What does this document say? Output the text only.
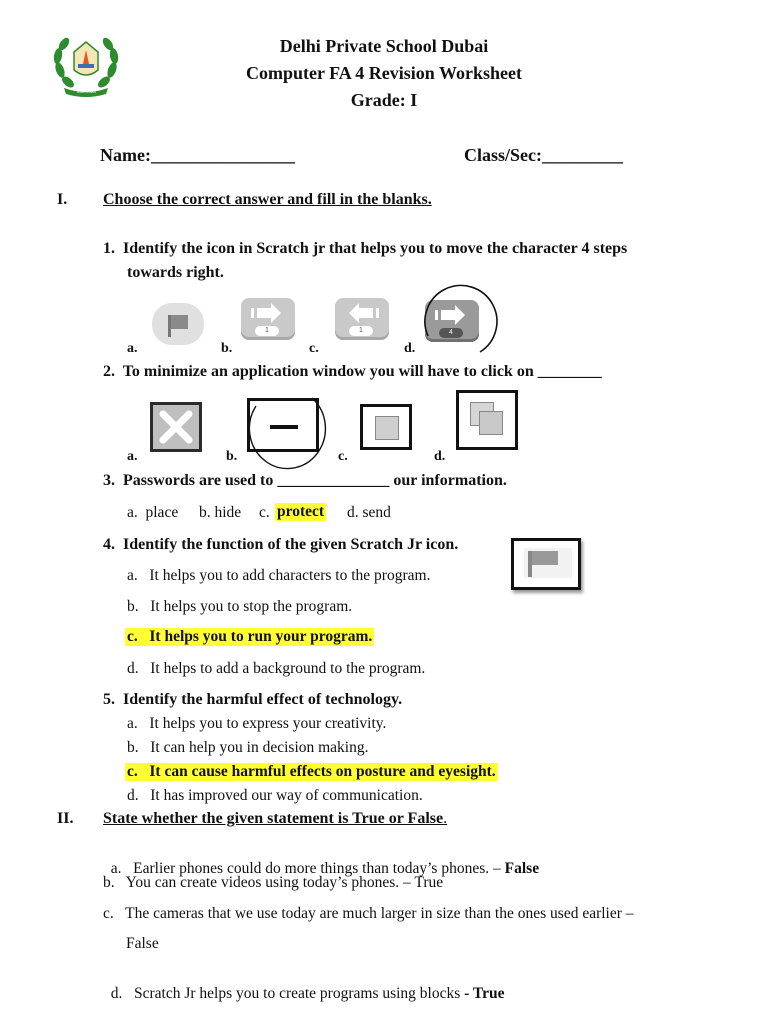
TAMSOMA
Delhi Private School Dubai
Computer FA 4 Revision Worksheet
Grade: I
Name:________________	Class/Sec:_________
I. Choose the correct answer and fill in the blanks.
1.  Identify the icon in Scratch jr that helps you to move the character 4 steps
towards right.
a.	b.
1
c.
1
d.
4
2.  To minimize an application window you will have to click on ________
a.	b.	c.	d.
3.  Passwords are used to ______________ our information.
a.  place b. hide c. protect d. send
4.  Identify the function of the given Scratch Jr icon.
a.   It helps you to add characters to the program.
b.   It helps you to stop the program.
c.   It helps you to run your program.
d.   It helps to add a background to the program.
5.  Identify the harmful effect of technology.
a.   It helps you to express your creativity.
b.   It can help you in decision making.
c.   It can cause harmful effects on posture and eyesight.
d.   It has improved our way of communication.
II. State whether the given statement is True or False.

a.   Earlier phones could do more things than today’s phones. – False

b.   You can create videos using today’s phones. – True
c.   The cameras that we use today are much larger in size than the ones used earlier –
False

d.   Scratch Jr helps you to create programs using blocks - True
